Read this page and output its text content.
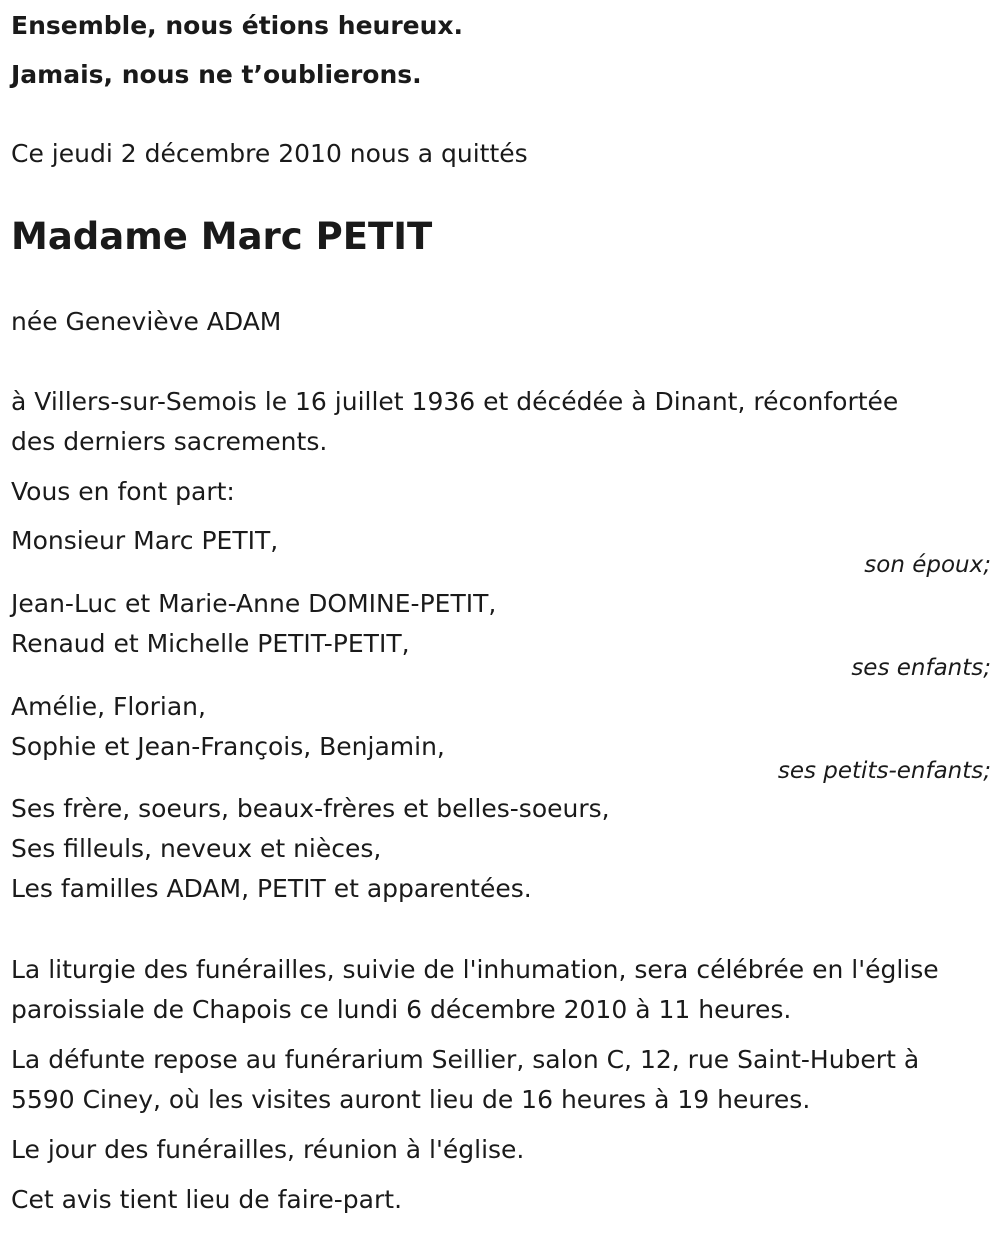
Ensemble, nous étions heureux.
Jamais, nous ne t’oublierons.
Ce jeudi 2 décembre 2010 nous a quittés
Madame Marc PETIT
née Geneviève ADAM
à Villers-sur-Semois le 16 juillet 1936 et décédée à Dinant, réconfortée
des derniers sacrements.
Vous en font part:
Monsieur Marc PETIT,
son époux;
Jean-Luc et Marie-Anne DOMINE-PETIT,
Renaud et Michelle PETIT-PETIT,
ses enfants;
Amélie, Florian,
Sophie et Jean-François, Benjamin,
ses petits-enfants;
Ses frère, soeurs, beaux-frères et belles-soeurs,
Ses filleuls, neveux et nièces,
Les familles ADAM, PETIT et apparentées.
La liturgie des funérailles, suivie de l'inhumation, sera célébrée en l'église
paroissiale de Chapois ce lundi 6 décembre 2010 à 11 heures.
La défunte repose au funérarium Seillier, salon C, 12, rue Saint-Hubert à
5590 Ciney, où les visites auront lieu de 16 heures à 19 heures.
Le jour des funérailles, réunion à l'église.
Cet avis tient lieu de faire-part.
